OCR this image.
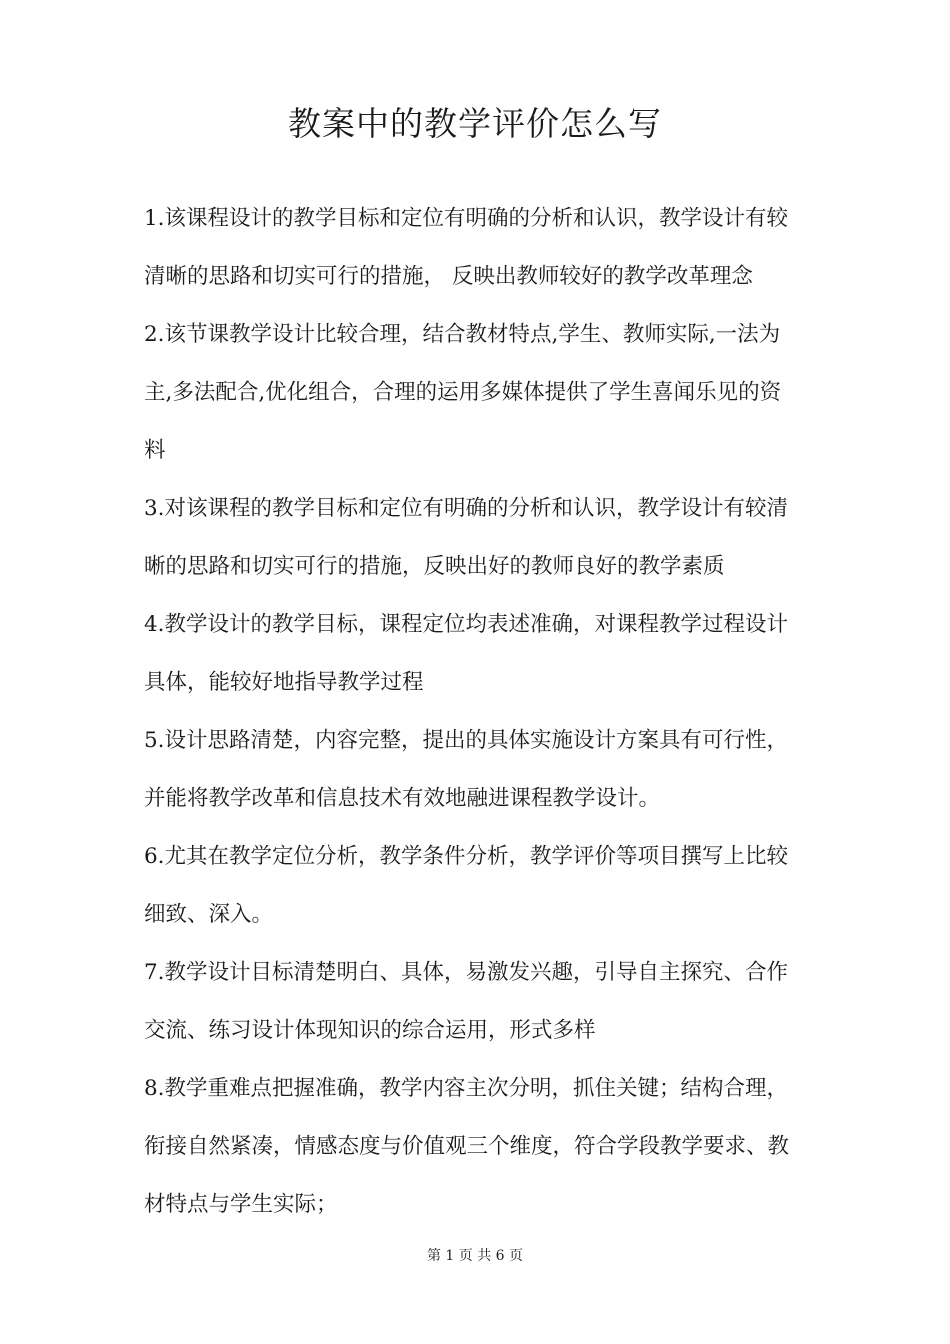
教案中的教学评价怎么写
1.该课程设计的教学目标和定位有明确的分析和认识，教学设计有较
清晰的思路和切实可行的措施， 反映出教师较好的教学改革理念
2.该节课教学设计比较合理，结合教材特点,学生、教师实际,一法为
主,多法配合,优化组合，合理的运用多媒体提供了学生喜闻乐见的资
料
3.对该课程的教学目标和定位有明确的分析和认识，教学设计有较清
晰的思路和切实可行的措施，反映出好的教师良好的教学素质
4.教学设计的教学目标，课程定位均表述准确，对课程教学过程设计
具体，能较好地指导教学过程
5.设计思路清楚，内容完整，提出的具体实施设计方案具有可行性，
并能将教学改革和信息技术有效地融进课程教学设计。
6.尤其在教学定位分析，教学条件分析，教学评价等项目撰写上比较
细致、深入。
7.教学设计目标清楚明白、具体，易激发兴趣，引导自主探究、合作
交流、练习设计体现知识的综合运用，形式多样
8.教学重难点把握准确，教学内容主次分明，抓住关键；结构合理，
衔接自然紧凑，情感态度与价值观三个维度，符合学段教学要求、教
材特点与学生实际；
第 1 页 共 6 页
